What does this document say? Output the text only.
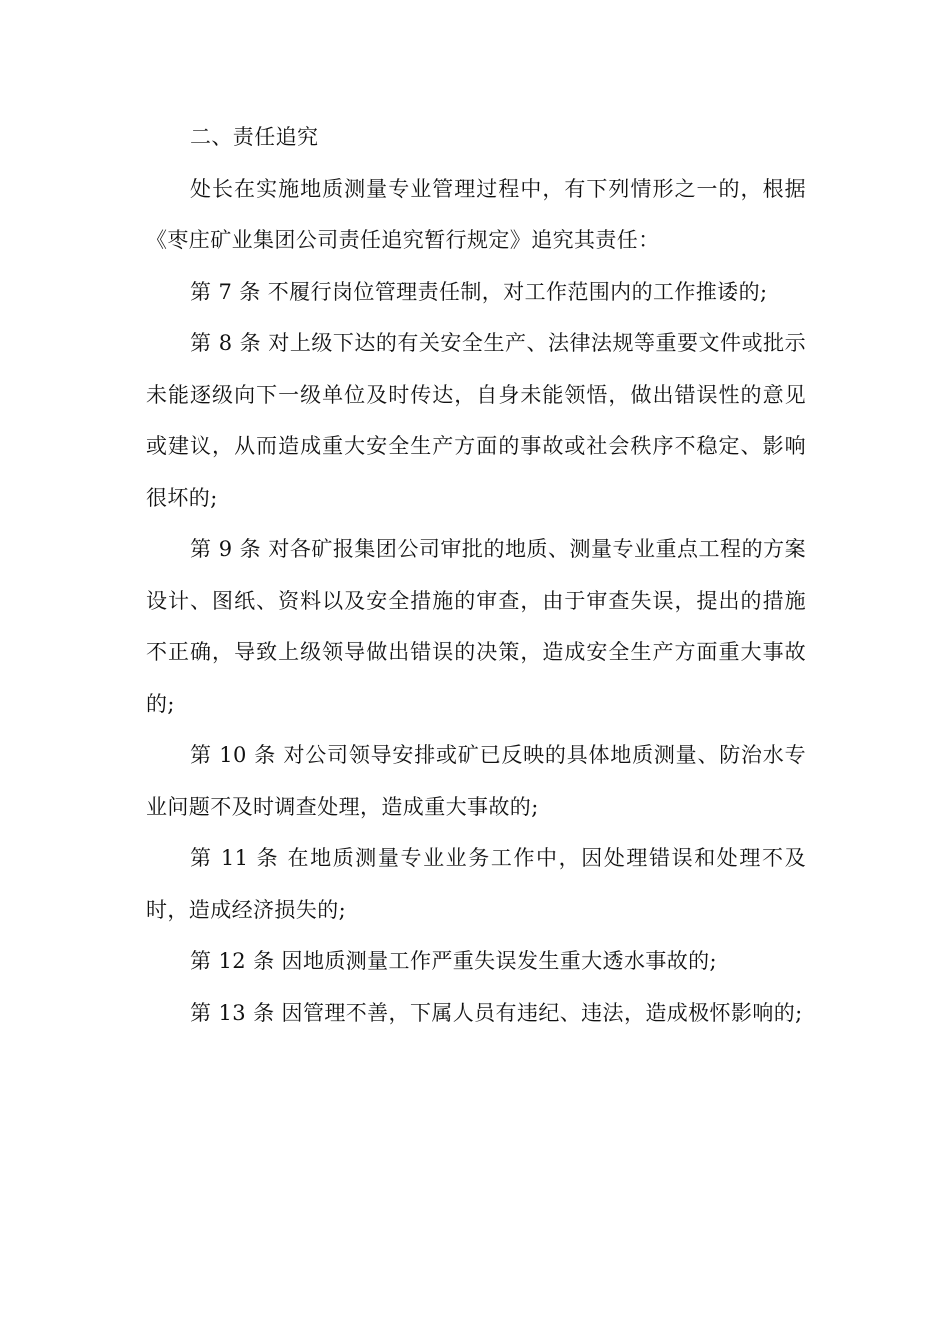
二、责任追究

处长在实施地质测量专业管理过程中，有下列情形之一的，根据《枣庄矿业集团公司责任追究暂行规定》追究其责任：

第 7 条 不履行岗位管理责任制，对工作范围内的工作推诿的;

第 8 条 对上级下达的有关安全生产、法律法规等重要文件或批示未能逐级向下一级单位及时传达，自身未能领悟，做出错误性的意见或建议，从而造成重大安全生产方面的事故或社会秩序不稳定、影响很坏的;

第 9 条 对各矿报集团公司审批的地质、测量专业重点工程的方案设计、图纸、资料以及安全措施的审查，由于审查失误，提出的措施不正确，导致上级领导做出错误的决策，造成安全生产方面重大事故的;

第 10 条 对公司领导安排或矿已反映的具体地质测量、防治水专业问题不及时调查处理，造成重大事故的;

第 11 条 在地质测量专业业务工作中，因处理错误和处理不及时，造成经济损失的;

第 12 条 因地质测量工作严重失误发生重大透水事故的;

第 13 条 因管理不善，下属人员有违纪、违法，造成极怀影响的;
